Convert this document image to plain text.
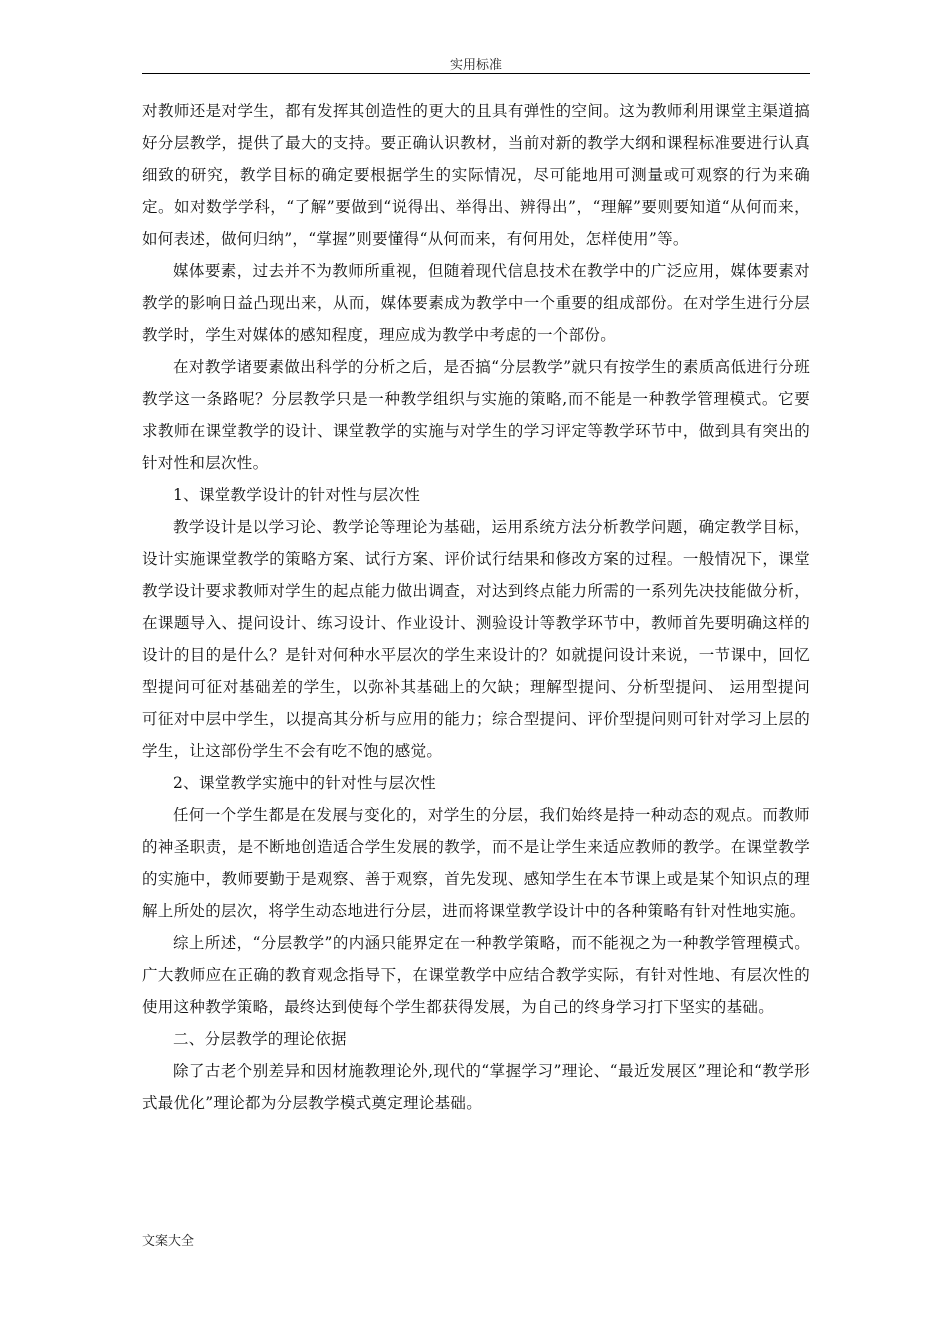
实用标准

对教师还是对学生，都有发挥其创造性的更大的且具有弹性的空间。这为教师利用课堂主渠道搞好分层教学，提供了最大的支持。要正确认识教材，当前对新的教学大纲和课程标准要进行认真细致的研究，教学目标的确定要根据学生的实际情况，尽可能地用可测量或可观察的行为来确定。如对数学学科，“了解”要做到“说得出、举得出、辨得出”，“理解”要则要知道“从何而来，如何表述，做何归纳”，“掌握”则要懂得“从何而来，有何用处，怎样使用”等。

媒体要素，过去并不为教师所重视，但随着现代信息技术在教学中的广泛应用，媒体要素对教学的影响日益凸现出来，从而，媒体要素成为教学中一个重要的组成部份。在对学生进行分层教学时，学生对媒体的感知程度，理应成为教学中考虑的一个部份。

在对教学诸要素做出科学的分析之后，是否搞“分层教学”就只有按学生的素质高低进行分班教学这一条路呢？分层教学只是一种教学组织与实施的策略,而不能是一种教学管理模式。它要求教师在课堂教学的设计、课堂教学的实施与对学生的学习评定等教学环节中，做到具有突出的针对性和层次性。

1、课堂教学设计的针对性与层次性

教学设计是以学习论、教学论等理论为基础，运用系统方法分析教学问题，确定教学目标，设计实施课堂教学的策略方案、试行方案、评价试行结果和修改方案的过程。一般情况下，课堂教学设计要求教师对学生的起点能力做出调查，对达到终点能力所需的一系列先决技能做分析，在课题导入、提问设计、练习设计、作业设计、测验设计等教学环节中，教师首先要明确这样的设计的目的是什么？是针对何种水平层次的学生来设计的？如就提问设计来说，一节课中，回忆型提问可征对基础差的学生，以弥补其基础上的欠缺；理解型提问、分析型提问、 运用型提问可征对中层中学生，以提高其分析与应用的能力；综合型提问、评价型提问则可针对学习上层的学生，让这部份学生不会有吃不饱的感觉。

2、课堂教学实施中的针对性与层次性

任何一个学生都是在发展与变化的，对学生的分层，我们始终是持一种动态的观点。而教师的神圣职责，是不断地创造适合学生发展的教学，而不是让学生来适应教师的教学。在课堂教学的实施中，教师要勤于是观察、善于观察，首先发现、感知学生在本节课上或是某个知识点的理解上所处的层次，将学生动态地进行分层，进而将课堂教学设计中的各种策略有针对性地实施。

综上所述，“分层教学”的内涵只能界定在一种教学策略，而不能视之为一种教学管理模式。广大教师应在正确的教育观念指导下，在课堂教学中应结合教学实际，有针对性地、有层次性的使用这种教学策略，最终达到使每个学生都获得发展，为自己的终身学习打下坚实的基础。

二、分层教学的理论依据

除了古老个别差异和因材施教理论外,现代的“掌握学习”理论、“最近发展区”理论和“教学形式最优化”理论都为分层教学模式奠定理论基础。

文案大全
